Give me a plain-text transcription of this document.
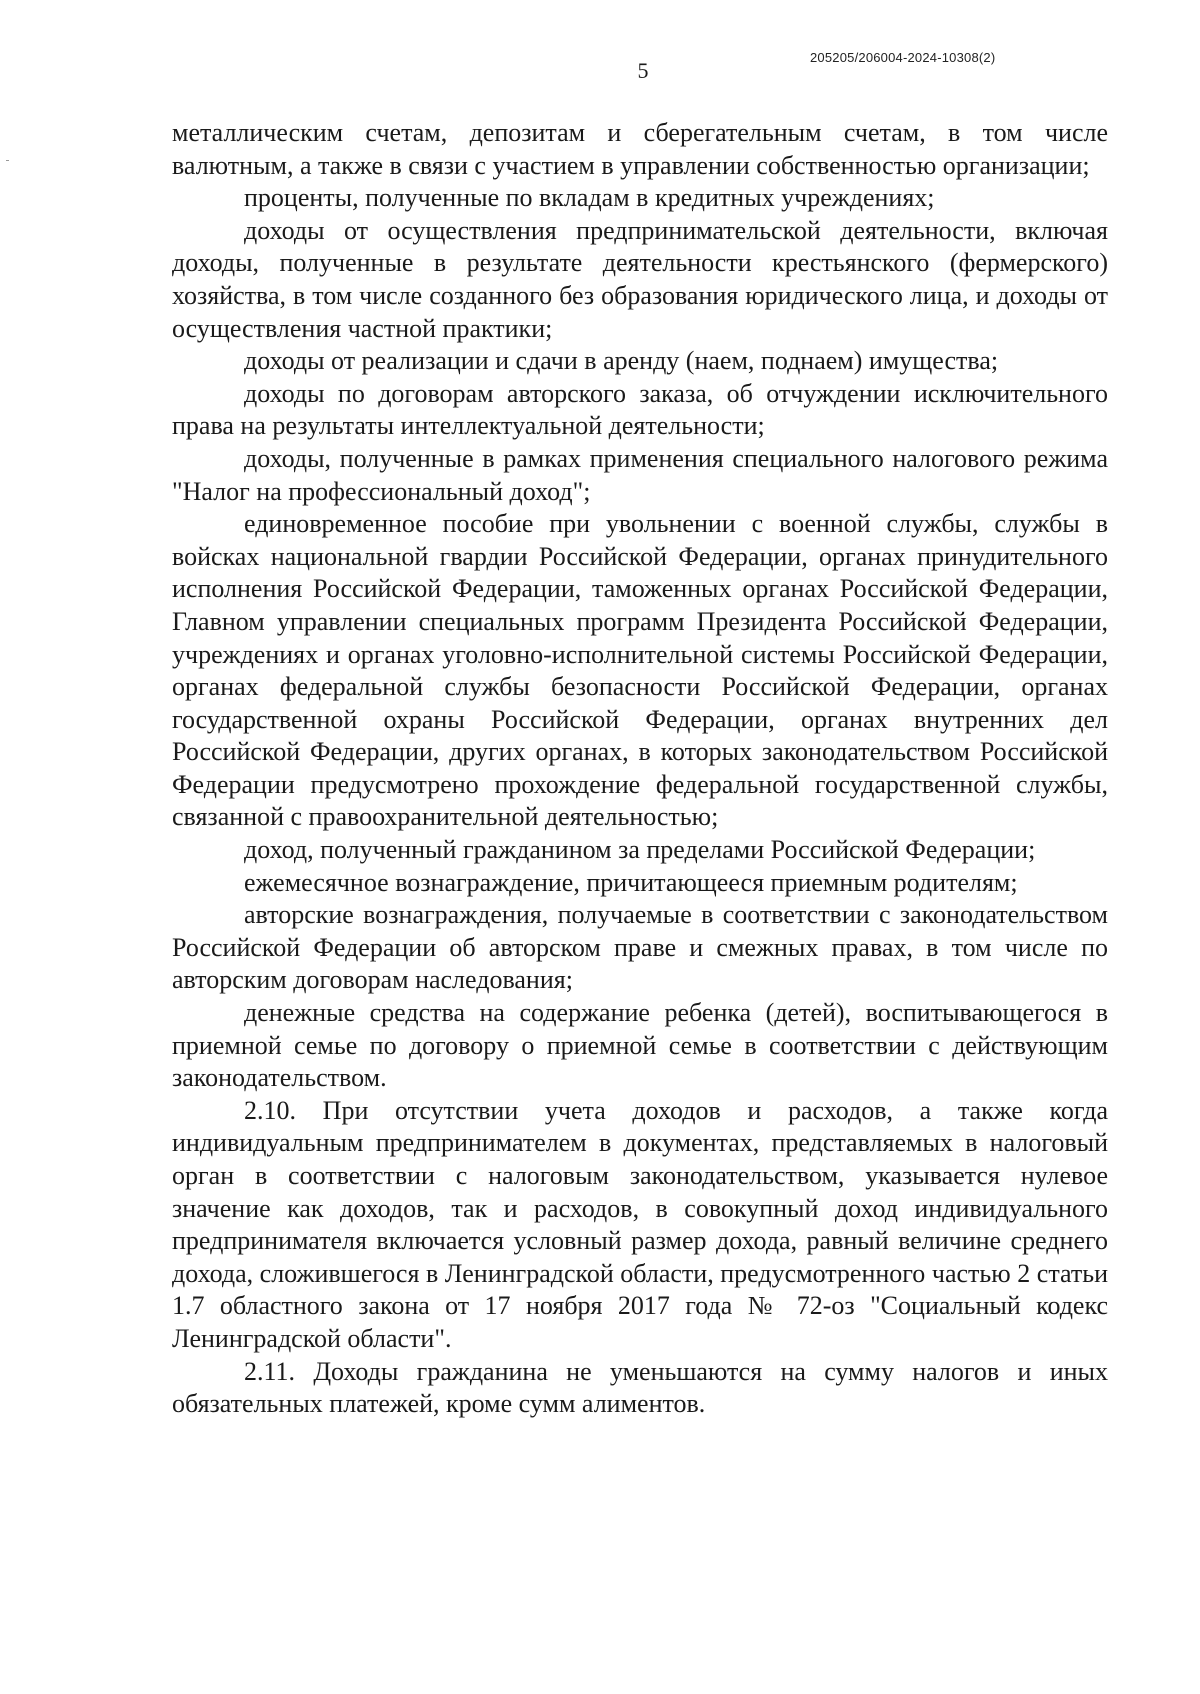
205205/206004-2024-10308(2)
5

металлическим счетам, депозитам и сберегательным счетам, в том числе валютным, а также в связи с участием в управлении собственностью организации;

проценты, полученные по вкладам в кредитных учреждениях;

доходы от осуществления предпринимательской деятельности, включая доходы, полученные в результате деятельности крестьянского (фермерского) хозяйства, в том числе созданного без образования юридического лица, и доходы от осуществления частной практики;

доходы от реализации и сдачи в аренду (наем, поднаем) имущества;

доходы по договорам авторского заказа, об отчуждении исключительного права на результаты интеллектуальной деятельности;

доходы, полученные в рамках применения специального налогового режима "Налог на профессиональный доход";

единовременное пособие при увольнении с военной службы, службы в войсках национальной гвардии Российской Федерации, органах принудительного исполнения Российской Федерации, таможенных органах Российской Федерации, Главном управлении специальных программ Президента Российской Федерации, учреждениях и органах уголовно-исполнительной системы Российской Федерации, органах федеральной службы безопасности Российской Федерации, органах государственной охраны Российской Федерации, органах внутренних дел Российской Федерации, других органах, в которых законодательством Российской Федерации предусмотрено прохождение федеральной государственной службы, связанной с правоохранительной деятельностью;

доход, полученный гражданином за пределами Российской Федерации;

ежемесячное вознаграждение, причитающееся приемным родителям;

авторские вознаграждения, получаемые в соответствии с законодательством Российской Федерации об авторском праве и смежных правах, в том числе по авторским договорам наследования;

денежные средства на содержание ребенка (детей), воспитывающегося в приемной семье по договору о приемной семье в соответствии с действующим законодательством.

2.10. При отсутствии учета доходов и расходов, а также когда индивидуальным предпринимателем в документах, представляемых в налоговый орган в соответствии с налоговым законодательством, указывается нулевое значение как доходов, так и расходов, в совокупный доход индивидуального предпринимателя включается условный размер дохода, равный величине среднего дохода, сложившегося в Ленинградской области, предусмотренного частью 2 статьи 1.7 областного закона от 17 ноября 2017 года № 72-оз "Социальный кодекс Ленинградской области".

2.11. Доходы гражданина не уменьшаются на сумму налогов и иных обязательных платежей, кроме сумм алиментов.
